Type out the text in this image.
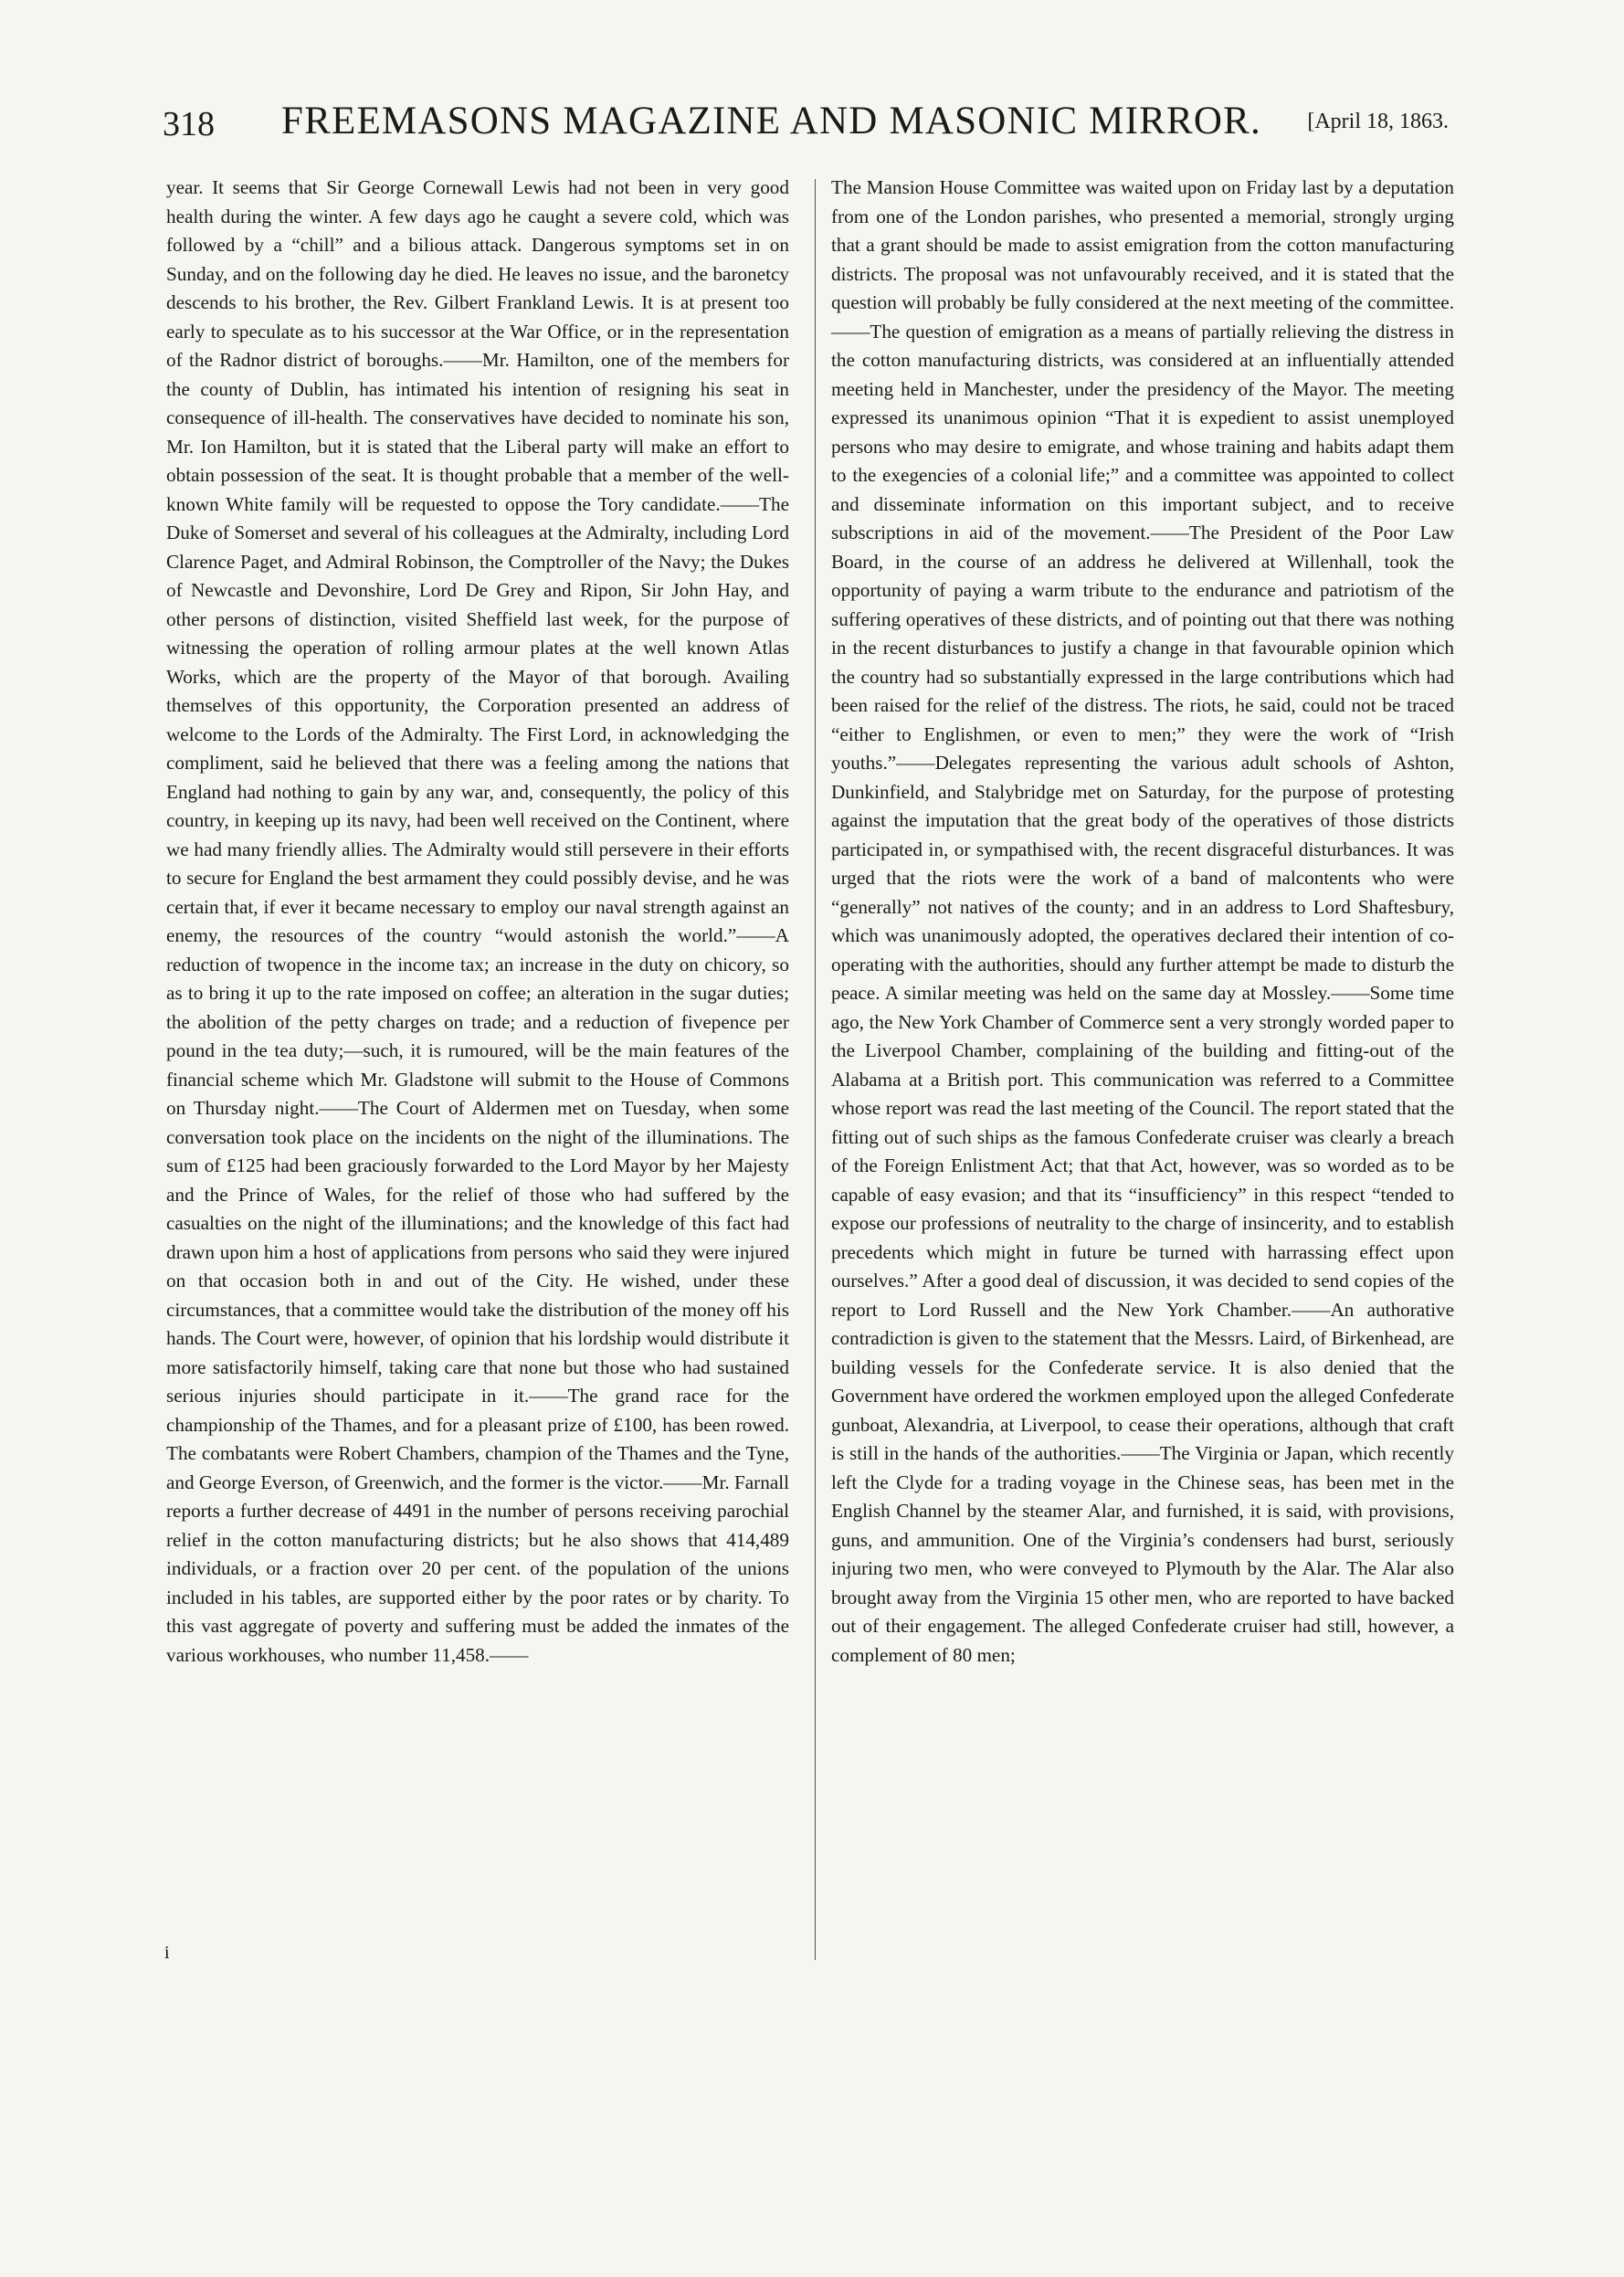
318 FREEMASONS MAGAZINE AND MASONIC MIRROR. [April 18, 1863.

year. It seems that Sir George Cornewall Lewis had not been in very good health during the winter. A few days ago he caught a severe cold, which was followed by a “chill” and a bilious attack. Dangerous symptoms set in on Sunday, and on the following day he died. He leaves no issue, and the baronetcy descends to his brother, the Rev. Gilbert Frankland Lewis. It is at present too early to speculate as to his successor at the War Office, or in the representation of the Radnor district of boroughs.——Mr. Hamilton, one of the members for the county of Dublin, has intimated his intention of resigning his seat in consequence of ill-health. The conservatives have decided to nominate his son, Mr. Ion Hamilton, but it is stated that the Liberal party will make an effort to obtain possession of the seat. It is thought probable that a member of the well-known White family will be requested to oppose the Tory candidate.——The Duke of Somerset and several of his colleagues at the Admiralty, including Lord Clarence Paget, and Admiral Robinson, the Comptroller of the Navy; the Dukes of Newcastle and Devonshire, Lord De Grey and Ripon, Sir John Hay, and other persons of distinction, visited Sheffield last week, for the purpose of witnessing the operation of rolling armour plates at the well known Atlas Works, which are the property of the Mayor of that borough. Availing themselves of this opportunity, the Corporation presented an address of welcome to the Lords of the Admiralty. The First Lord, in acknowledging the compliment, said he believed that there was a feeling among the nations that England had nothing to gain by any war, and, consequently, the policy of this country, in keeping up its navy, had been well received on the Continent, where we had many friendly allies. The Admiralty would still persevere in their efforts to secure for England the best armament they could possibly devise, and he was certain that, if ever it became necessary to employ our naval strength against an enemy, the resources of the country “would astonish the world.”——A reduction of twopence in the income tax; an increase in the duty on chicory, so as to bring it up to the rate imposed on coffee; an alteration in the sugar duties; the abolition of the petty charges on trade; and a reduction of fivepence per pound in the tea duty;—such, it is rumoured, will be the main features of the financial scheme which Mr. Gladstone will submit to the House of Commons on Thursday night.——The Court of Aldermen met on Tuesday, when some conversation took place on the incidents on the night of the illuminations. The sum of £125 had been graciously forwarded to the Lord Mayor by her Majesty and the Prince of Wales, for the relief of those who had suffered by the casualties on the night of the illuminations; and the knowledge of this fact had drawn upon him a host of applications from persons who said they were injured on that occasion both in and out of the City. He wished, under these circumstances, that a committee would take the distribution of the money off his hands. The Court were, however, of opinion that his lordship would distribute it more satisfactorily himself, taking care that none but those who had sustained serious injuries should participate in it.——The grand race for the championship of the Thames, and for a pleasant prize of £100, has been rowed. The combatants were Robert Chambers, champion of the Thames and the Tyne, and George Everson, of Greenwich, and the former is the victor.——Mr. Farnall reports a further decrease of 4491 in the number of persons receiving parochial relief in the cotton manufacturing districts; but he also shows that 414,489 individuals, or a fraction over 20 per cent. of the population of the unions included in his tables, are supported either by the poor rates or by charity. To this vast aggregate of poverty and suffering must be added the inmates of the various workhouses, who number 11,458.——

The Mansion House Committee was waited upon on Friday last by a deputation from one of the London parishes, who presented a memorial, strongly urging that a grant should be made to assist emigration from the cotton manufacturing districts. The proposal was not unfavourably received, and it is stated that the question will probably be fully considered at the next meeting of the committee.——The question of emigration as a means of partially relieving the distress in the cotton manufacturing districts, was considered at an influentially attended meeting held in Manchester, under the presidency of the Mayor. The meeting expressed its unanimous opinion “That it is expedient to assist unemployed persons who may desire to emigrate, and whose training and habits adapt them to the exegencies of a colonial life;” and a committee was appointed to collect and disseminate information on this important subject, and to receive subscriptions in aid of the movement.——The President of the Poor Law Board, in the course of an address he delivered at Willenhall, took the opportunity of paying a warm tribute to the endurance and patriotism of the suffering operatives of these districts, and of pointing out that there was nothing in the recent disturbances to justify a change in that favourable opinion which the country had so substantially expressed in the large contributions which had been raised for the relief of the distress. The riots, he said, could not be traced “either to Englishmen, or even to men;” they were the work of “Irish youths.”——Delegates representing the various adult schools of Ashton, Dunkinfield, and Stalybridge met on Saturday, for the purpose of protesting against the imputation that the great body of the operatives of those districts participated in, or sympathised with, the recent disgraceful disturbances. It was urged that the riots were the work of a band of malcontents who were “generally” not natives of the county; and in an address to Lord Shaftesbury, which was unanimously adopted, the operatives declared their intention of co-operating with the authorities, should any further attempt be made to disturb the peace. A similar meeting was held on the same day at Mossley.——Some time ago, the New York Chamber of Commerce sent a very strongly worded paper to the Liverpool Chamber, complaining of the building and fitting-out of the Alabama at a British port. This communication was referred to a Committee whose report was read the last meeting of the Council. The report stated that the fitting out of such ships as the famous Confederate cruiser was clearly a breach of the Foreign Enlistment Act; that that Act, however, was so worded as to be capable of easy evasion; and that its “insufficiency” in this respect “tended to expose our professions of neutrality to the charge of insincerity, and to establish precedents which might in future be turned with harrassing effect upon ourselves.” After a good deal of discussion, it was decided to send copies of the report to Lord Russell and the New York Chamber.——An authorative contradiction is given to the statement that the Messrs. Laird, of Birkenhead, are building vessels for the Confederate service. It is also denied that the Government have ordered the workmen employed upon the alleged Confederate gunboat, Alexandria, at Liverpool, to cease their operations, although that craft is still in the hands of the authorities.——The Virginia or Japan, which recently left the Clyde for a trading voyage in the Chinese seas, has been met in the English Channel by the steamer Alar, and furnished, it is said, with provisions, guns, and ammunition. One of the Virginia’s condensers had burst, seriously injuring two men, who were conveyed to Plymouth by the Alar. The Alar also brought away from the Virginia 15 other men, who are reported to have backed out of their engagement. The alleged Confederate cruiser had still, however, a complement of 80 men;

i
